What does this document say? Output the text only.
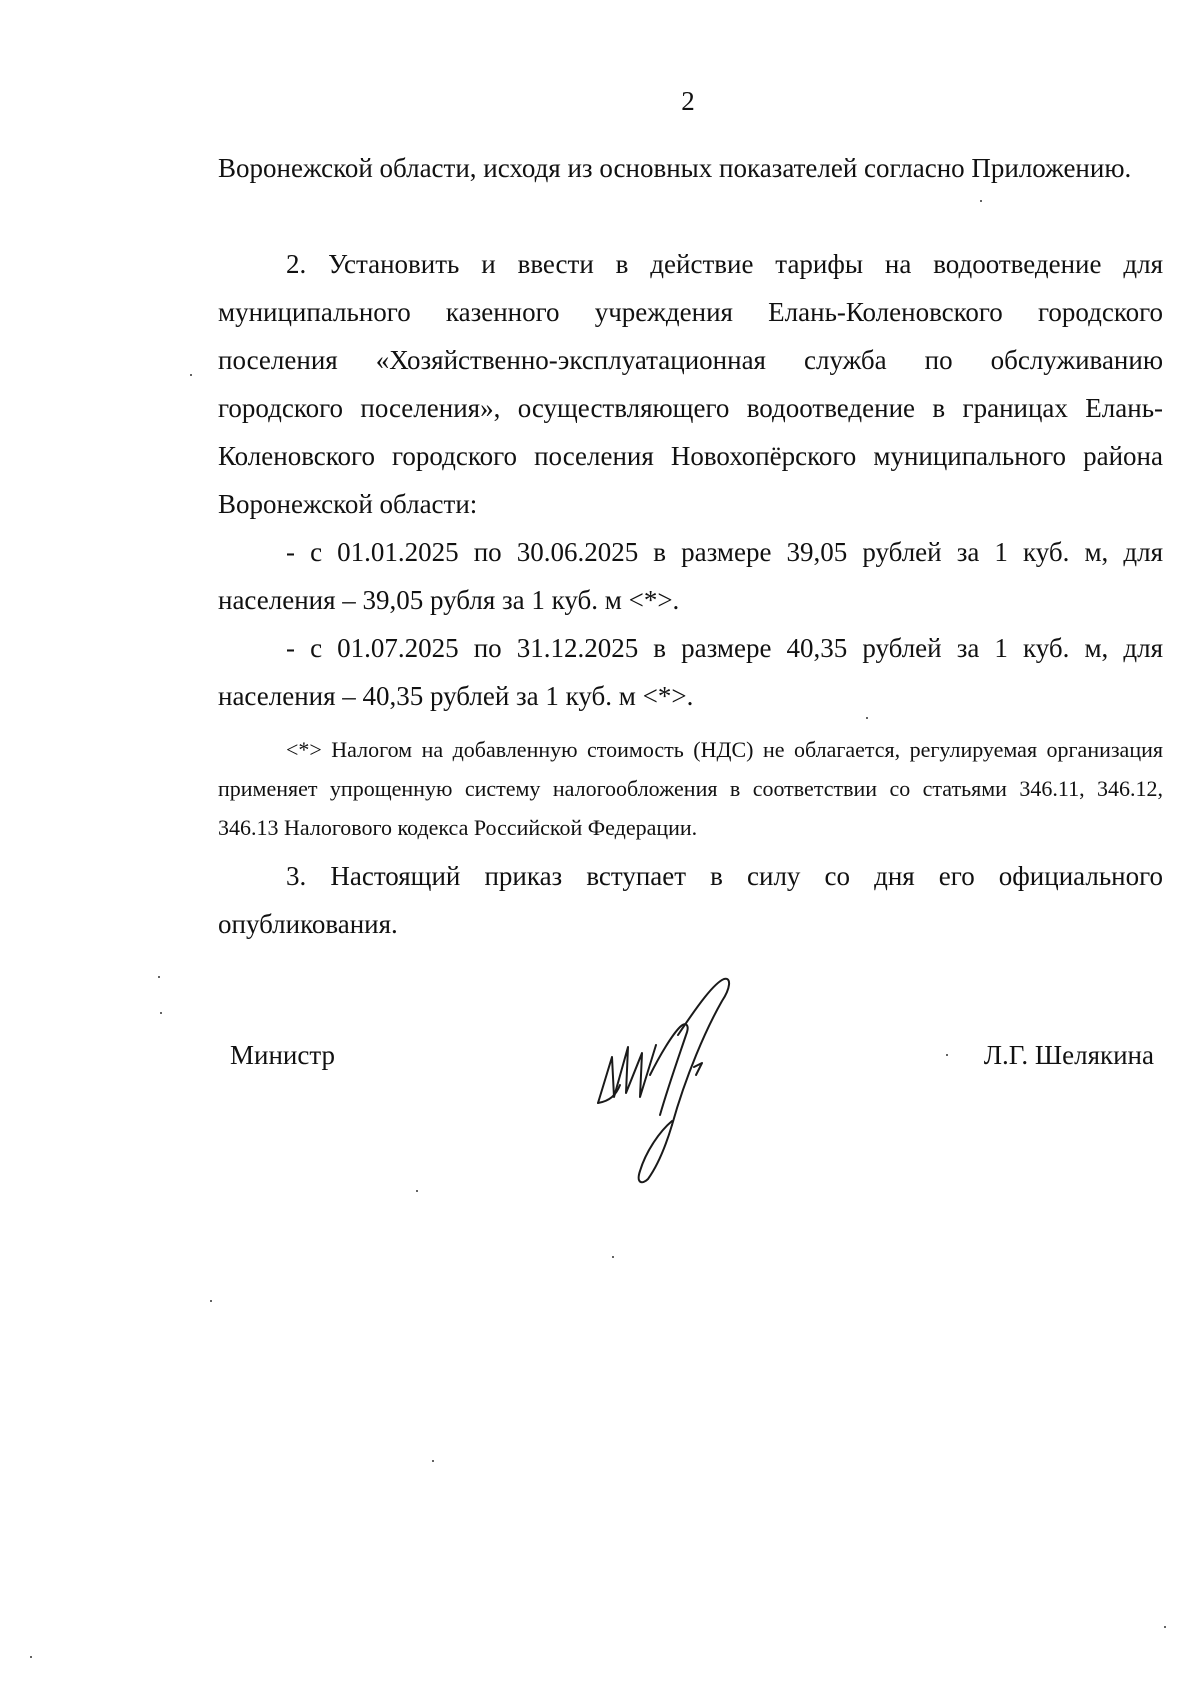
2

Воронежской области, исходя из основных показателей согласно Приложению.

2. Установить и ввести в действие тарифы на водоотведение для муниципального казенного учреждения Елань-Коленовского городского поселения «Хозяйственно-эксплуатационная служба по обслуживанию городского поселения», осуществляющего водоотведение в границах Елань-Коленовского городского поселения Новохопёрского муниципального района Воронежской области:

- с 01.01.2025 по 30.06.2025 в размере 39,05 рублей за 1 куб. м, для населения – 39,05 рубля за 1 куб. м <*>.

- с 01.07.2025 по 31.12.2025 в размере 40,35 рублей за 1 куб. м, для населения – 40,35 рублей за 1 куб. м <*>.

<*> Налогом на добавленную стоимость (НДС) не облагается, регулируемая организация применяет упрощенную систему налогообложения в соответствии со статьями 346.11, 346.12, 346.13 Налогового кодекса Российской Федерации.

3. Настоящий приказ вступает в силу со дня его официального опубликования.

Министр	Л.Г. Шелякина
